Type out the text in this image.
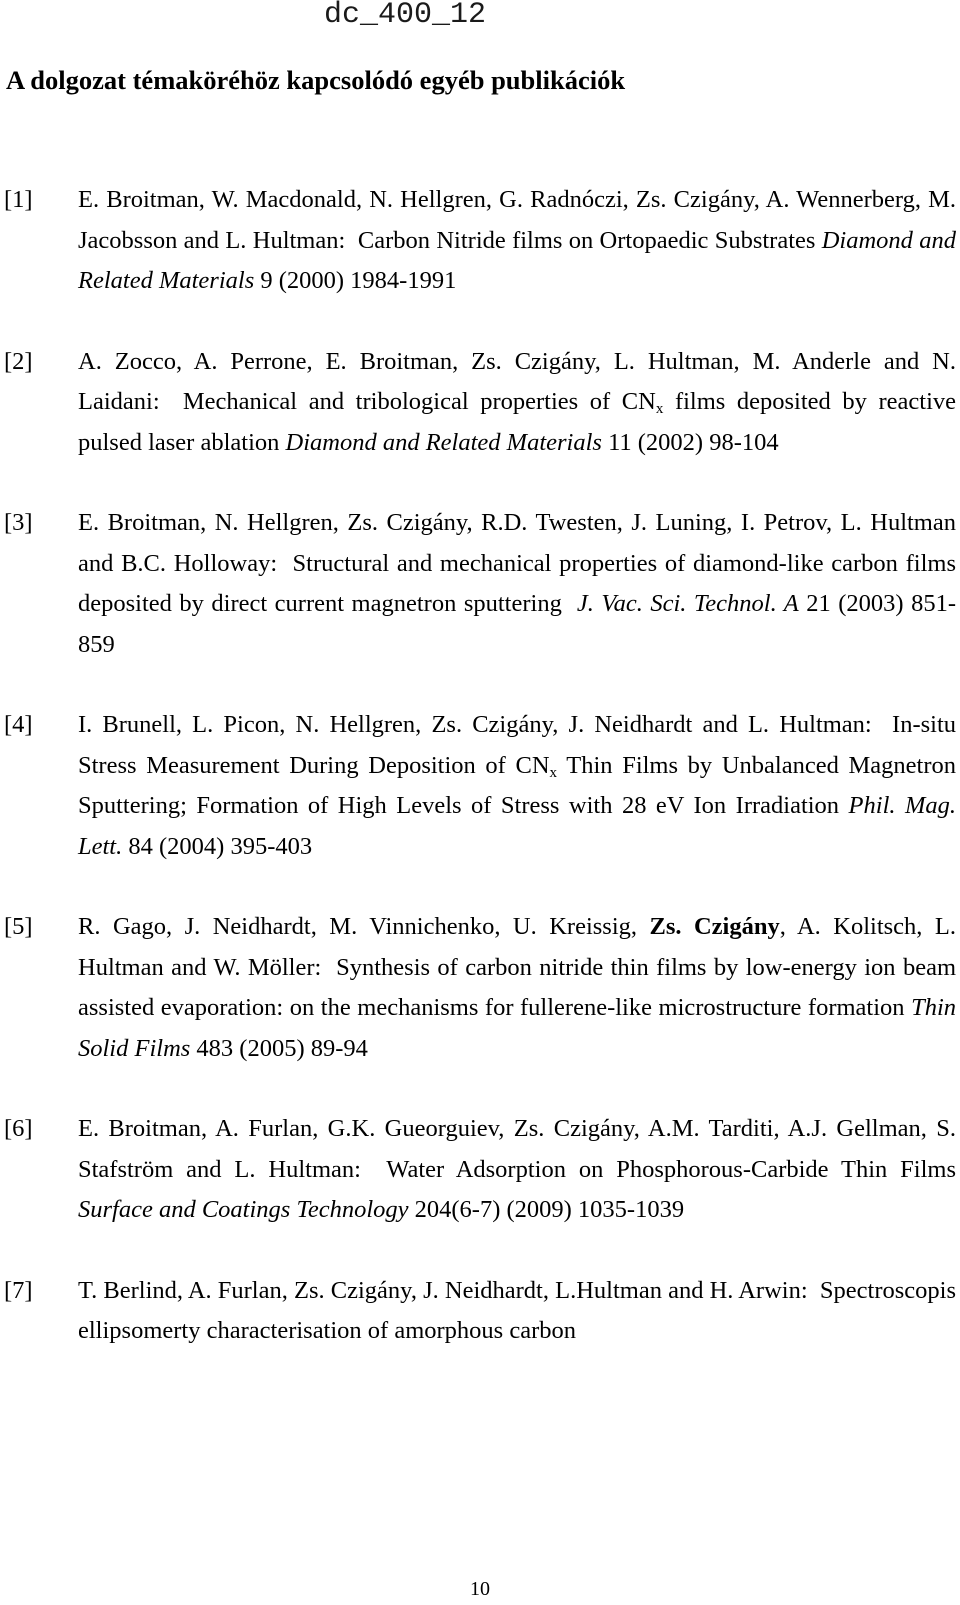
dc_400_12
A dolgozat témaköréhöz kapcsolódó egyéb publikációk
[1] E. Broitman, W. Macdonald, N. Hellgren, G. Radnóczi, Zs. Czigány, A. Wennerberg, M. Jacobsson and L. Hultman: Carbon Nitride films on Ortopaedic Substrates Diamond and Related Materials 9 (2000) 1984-1991
[2] A. Zocco, A. Perrone, E. Broitman, Zs. Czigány, L. Hultman, M. Anderle and N. Laidani: Mechanical and tribological properties of $CN_x$ films deposited by reactive pulsed laser ablation Diamond and Related Materials 11 (2002) 98-104
[3] E. Broitman, N. Hellgren, Zs. Czigány, R.D. Twesten, J. Luning, I. Petrov, L. Hultman and B.C. Holloway: Structural and mechanical properties of diamond-like carbon films deposited by direct current magnetron sputtering J. Vac. Sci. Technol. A 21 (2003) 851-859
[4] I. Brunell, L. Picon, N. Hellgren, Zs. Czigány, J. Neidhardt and L. Hultman: In-situ Stress Measurement During Deposition of $CN_x$ Thin Films by Unbalanced Magnetron Sputtering; Formation of High Levels of Stress with 28 eV Ion Irradiation Phil. Mag. Lett. 84 (2004) 395-403
[5] R. Gago, J. Neidhardt, M. Vinnichenko, U. Kreissig, Zs. Czigány, A. Kolitsch, L. Hultman and W. Möller: Synthesis of carbon nitride thin films by low-energy ion beam assisted evaporation: on the mechanisms for fullerene-like microstructure formation Thin Solid Films 483 (2005) 89-94
[6] E. Broitman, A. Furlan, G.K. Gueorguiev, Zs. Czigány, A.M. Tarditi, A.J. Gellman, S. Stafström and L. Hultman: Water Adsorption on Phosphorous-Carbide Thin Films Surface and Coatings Technology 204(6-7) (2009) 1035-1039
[7] T. Berlind, A. Furlan, Zs. Czigány, J. Neidhardt, L.Hultman and H. Arwin: Spectroscopis ellipsomerty characterisation of amorphous carbon
10
